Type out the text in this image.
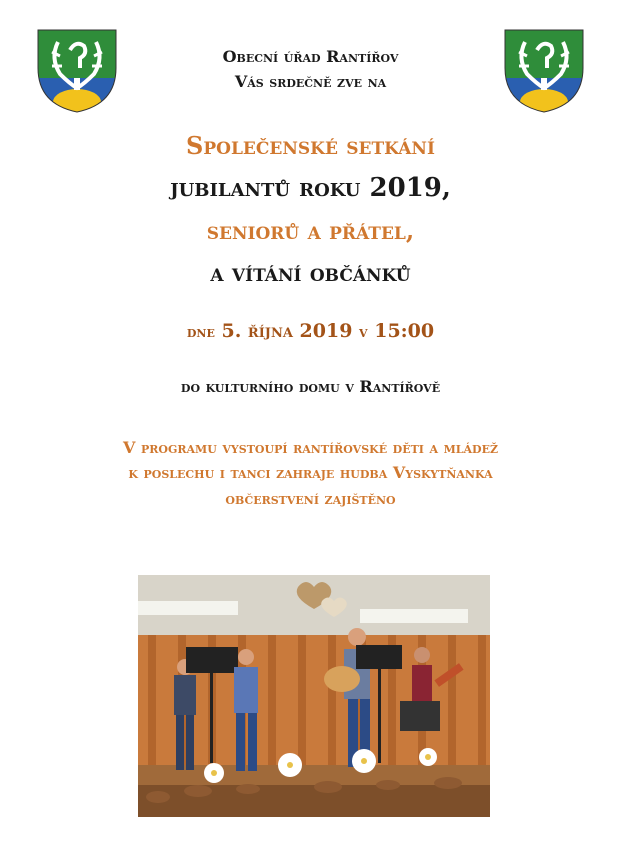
Obecní úřad Rantířov
Vás srdečně zve na
Společenské setkání
jubilantů roku 2019,
seniorů a přátel,
a vítání občánků
dne 5. října 2019 v 15:00
do kulturního domu v Rantířově
V programu vystoupí rantířovské děti a mládež
k poslechu i tanci zahraje hudba Vyskytňanka
občerstvení zajištěno
